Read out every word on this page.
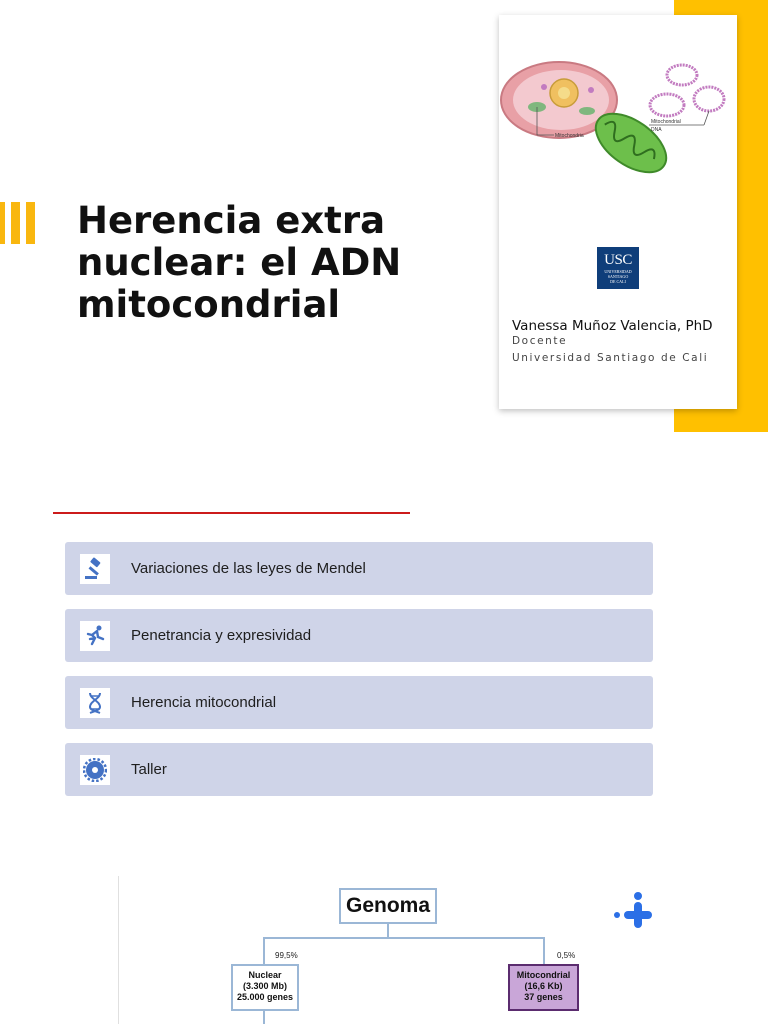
Herencia extra nuclear: el ADN mitocondrial
Mitochondria
Mitochondrial
DNA
USC
UNIVERSIDAD
SANTIAGO
DE CALI
Vanessa Muñoz Valencia, PhD
Docente
Universidad Santiago de Cali
Variaciones de las leyes de Mendel
Penetrancia y expresividad
Herencia mitocondrial
Taller
Genoma
99,5%	0,5%
Nuclear
(3.300 Mb)
25.000 genes
Mitocondrial
(16,6 Kb)
37 genes
